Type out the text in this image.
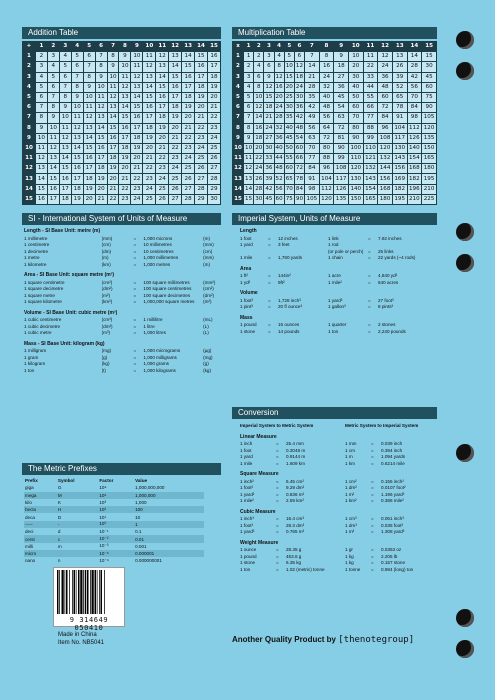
Addition Table
+	1	2	3	4	5	6	7	8	9	10	11	12	13	14	15
1	2	3	4	5	6	7	8	9	10	11	12	13	14	15	16
2	3	4	5	6	7	8	9	10	11	12	13	14	15	16	17
3	4	5	6	7	8	9	10	11	12	13	14	15	16	17	18
4	5	6	7	8	9	10	11	12	13	14	15	16	17	18	19
5	6	7	8	9	10	11	12	13	14	15	16	17	18	19	20
6	7	8	9	10	11	12	13	14	15	16	17	18	19	20	21
7	8	9	10	11	12	13	14	15	16	17	18	19	20	21	22
8	9	10	11	12	13	14	15	16	17	18	19	20	21	22	23
9	10	11	12	13	14	15	16	17	18	19	20	21	22	23	24
10	11	12	13	14	15	16	17	18	19	20	21	22	23	24	25
11	12	13	14	15	16	17	18	19	20	21	22	23	24	25	26
12	13	14	15	16	17	18	19	20	21	22	23	24	25	26	27
13	14	15	16	17	18	19	20	21	22	23	24	25	26	27	28
14	15	16	17	18	19	20	21	22	23	24	25	26	27	28	29
15	16	17	18	19	20	21	22	23	24	25	26	27	28	29	30
Multiplication Table
x	1	2	3	4	5	6	7	8	9	10	11	12	13	14	15
1	1	2	3	4	5	6	7	8	9	10	11	12	13	14	15
2	2	4	6	8	10	12	14	16	18	20	22	24	26	28	30
3	3	6	9	12	15	18	21	24	27	30	33	36	39	42	45
4	4	8	12	16	20	24	28	32	36	40	44	48	52	56	60
5	5	10	15	20	25	30	35	40	45	50	55	60	65	70	75
6	6	12	18	24	30	36	42	48	54	60	66	72	78	84	90
7	7	14	21	28	35	42	49	56	63	70	77	84	91	98	105
8	8	16	24	32	40	48	56	64	72	80	88	96	104	112	120
9	9	18	27	36	45	54	63	72	81	90	99	108	117	126	135
10	10	20	30	40	50	60	70	80	90	100	110	120	130	140	150
11	11	22	33	44	55	66	77	88	99	110	121	132	143	154	165
12	12	24	36	48	60	72	84	96	108	120	132	144	156	168	180
13	13	26	39	52	65	78	91	104	117	130	143	156	169	182	195
14	14	28	42	56	70	84	98	112	126	140	154	168	182	196	210
15	15	30	45	60	75	90	105	120	135	150	165	180	195	210	225
SI - International System of Units of Measure
Length - SI Base Unit: metre (m)
1 millimetre	(mm)	=	1,000 microns	(m)
1 centimetre	(cm)	=	10 millimetres	(mm)
1 decimetre	(dm)	=	10 centimetres	(cm)
1 metre	(m)	=	1,000 millimetres	(mm)
1 kilometre	(km)	=	1,000 metres	(m)
Area - SI Base Unit: square metre (m²)
1 square centimetre	(cm²)	=	100 square millimetres	(mm²)
1 square decimetre	(dm²)	=	100 square centimetres	(cm²)
1 square metre	(m²)	=	100 square decimetres	(dm²)
1 square kilometre	(km²)	=	1,000,000 square metres	(m²)
Volume - SI Base Unit: cubic metre (m³)
1 cubic centimetre	(cm³)	=	1 millilitre	(mL)
1 cubic decimetre	(dm³)	=	1 litre	(L)
1 cubic metre	(m³)	=	1,000 litres	(L)
Mass - SI Base Unit: kilogram (kg)
1 milligram	(mg)	=	1,000 micrograms	(µg)
1 gram	(g)	=	1,000 milligrams	(mg)
1 kilogram	(kg)	=	1,000 grams	(g)
1 ton	(t)	=	1,000 kilograms	(kg)
The Metric Prefixes
Prefix	Symbol	Factor	Value
giga	G	10⁹	1,000,000,000
mega	M	10⁶	1,000,000
kilo	K	10³	1,000
hecto	H	10²	100
deca	D	10¹	10
-----	-	10⁰	1
deci	d	10⁻¹	0.1
centi	c	10⁻²	0.01
milli	m	10⁻³	0.001
micro		10⁻⁶	0.000001
nano	n	10⁻⁹	0.000000001
Imperial System, Units of Measure
Length
1 foot	=	12 inches	1 link	=	7.92 inches
1 yard	=	3 feet	1 rod
(or pole or perch)	=	25 links
1 mile	=	1,760 yards	1 chain	=	22 yards (~4 rods)
Area
1 ft²	=	144in²	1 acre	=	4,840 yd²
1 yd²	=	9ft²	1 mile²	=	640 acres
Volume
1 foot³	=	1,728 inch³	1 yard³	=	27 foot³
1 pint³	=	20 fl ounce³	1 gallon³	=	8 pints³
Mass
1 pound	=	16 ounces	1 quarter	=	2 stones
1 stone	=	14 pounds	1 ton	=	2,240 pounds
Conversion
Imperial System to Metric System	Metric System to Imperial System
Linear Measure
1 inch	=	25.4 mm	1 mm	=	0.039 inch
1 foot	=	0.3048 m	1 cm	=	0.394 inch
1 yard	=	0.9144 m	1 m	=	1.094 yards
1 mile	=	1.609 km	1 km	=	0.6214 mile
Square Measure
1 inch²	=	6.45 cm²	1 cm²	=	0.155 inch²
1 foot²	=	9.29 dm²	1 dm²	=	0.0107 foot²
1 yard²	=	0.836 m²	1 m²	=	1.196 yard²
1 mile²	=	2.59 km²	1 km²	=	0.386 mile²
Cubic Measure
1 inch³	=	16.4 cm³	1 cm³	=	0.061 inch³
1 foot³	=	28.3 dm³	1 dm³	=	0.035 foot³
1 yard³	=	0.765 m³	1 m³	=	1.308 yard³
Weight Measure
1 ounce	=	28.35 g	1 gr	=	0.0353 oz
1 pound	=	453.6 g	1 kg	=	2.205 lb
1 stone	=	6.35 kg	1 kg	=	0.157 stone
1 ton	=	1.02 (metric) tonne	1 tonne	=	0.984 (long) ton
9 314649 050410
Made in China
Item No. NB5041	Another Quality Product by [thenotegroup]
